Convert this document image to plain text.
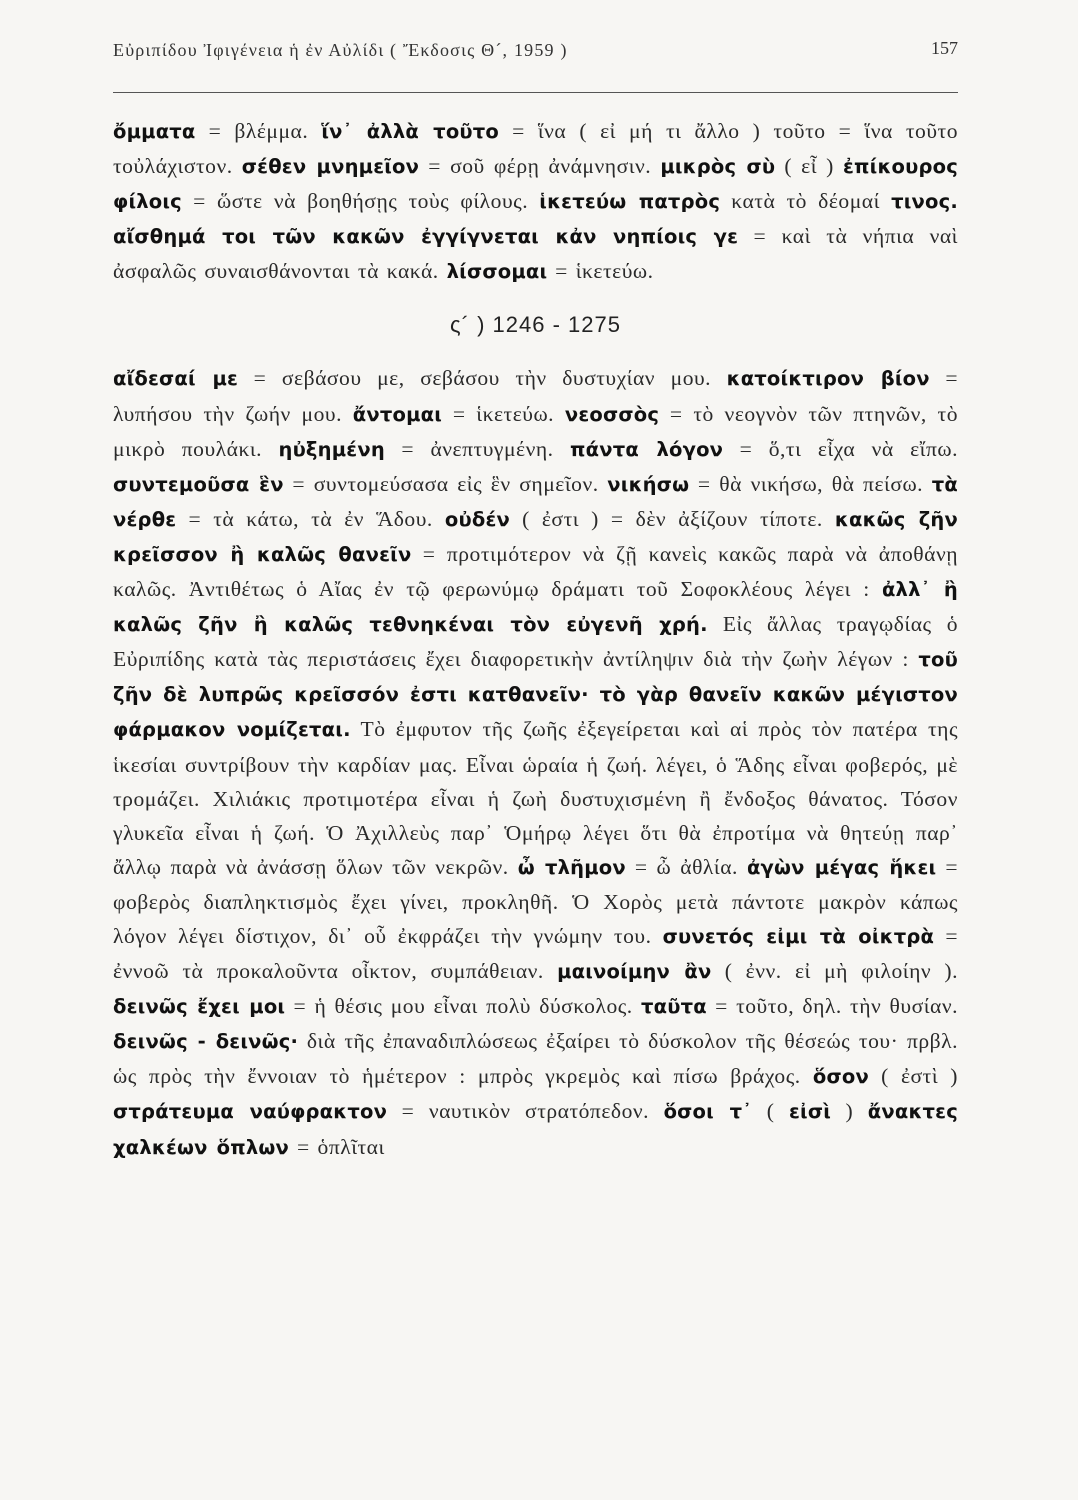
Εὐριπίδου Ἰφιγένεια ἡ ἐν Αὐλίδι ( Ἔκδοσις Θ´, 1959 )	157

ὄμματα = βλέμμα. ἵν᾽ ἀλλὰ τοῦτο = ἵνα ( εἰ μή τι ἄλλο ) τοῦτο = ἵνα τοῦτο τοὐλάχιστον. σέθεν μνημεῖον = σοῦ φέρῃ ἀνάμνησιν. μικρὸς σὺ ( εἶ ) ἐπίκουρος φίλοις = ὥστε νὰ βοηθήσῃς τοὺς φίλους. ἱκετεύω πατρὸς κατὰ τὸ δέομαί τινος. αἴσθημά τοι τῶν κακῶν ἐγγίγνεται κἀν νηπίοις γε = καὶ τὰ νήπια ναὶ ἀσφαλῶς συναισθάνονται τὰ κακά. λίσσομαι = ἱκετεύω.

ς´ ) 1246 - 1275

αἴδεσαί με = σεβάσου με, σεβάσου τὴν δυστυχίαν μου. κατοίκτιρον βίον = λυπήσου τὴν ζωήν μου. ἄντομαι = ἱκετεύω. νεοσσὸς = τὸ νεογνὸν τῶν πτηνῶν, τὸ μικρὸ πουλάκι. ηὐξημένη = ἀνεπτυγμένη. πάντα λόγον = ὅ,τι εἶχα νὰ εἴπω. συντεμοῦσα ἓν = συντομεύσασα εἰς ἓν σημεῖον. νικήσω = θὰ νικήσω, θὰ πείσω. τὰ νέρθε = τὰ κάτω, τὰ ἐν Ἅδου. οὐδέν ( ἐστι ) = δὲν ἀξίζουν τίποτε. κακῶς ζῆν κρεῖσσον ἢ καλῶς θανεῖν = προτιμότερον νὰ ζῇ κανεὶς κακῶς παρὰ νὰ ἀποθάνῃ καλῶς. Ἀντιθέτως ὁ Αἴας ἐν τῷ φερωνύμῳ δράματι τοῦ Σοφοκλέους λέγει : ἀλλ᾽ ἢ καλῶς ζῆν ἢ καλῶς τεθνηκέναι τὸν εὐγενῆ χρή. Εἰς ἄλλας τραγῳδίας ὁ Εὐριπίδης κατὰ τὰς περιστάσεις ἔχει διαφορετικὴν ἀντίληψιν διὰ τὴν ζωὴν λέγων : τοῦ ζῆν δὲ λυπρῶς κρεῖσσόν ἐστι κατθανεῖν· τὸ γὰρ θανεῖν κακῶν μέγιστον φάρμακον νομίζεται. Τὸ ἐμφυτον τῆς ζωῆς ἐξεγείρεται καὶ αἱ πρὸς τὸν πατέρα της ἱκεσίαι συντρίβουν τὴν καρδίαν μας. Εἶναι ὡραία ἡ ζωή. λέγει, ὁ Ἅδης εἶναι φοβερός, μὲ τρομάζει. Χιλιάκις προτιμοτέρα εἶναι ἡ ζωὴ δυστυχισμένη ἢ ἔνδοξος θάνατος. Τόσον γλυκεῖα εἶναι ἡ ζωή. Ὁ Ἀχιλλεὺς παρ᾽ Ὁμήρῳ λέγει ὅτι θὰ ἐπροτίμα νὰ θητεύῃ παρ᾽ ἄλλῳ παρὰ νὰ ἀνάσσῃ ὅλων τῶν νεκρῶν. ὦ τλῆμον = ὦ ἀθλία. ἀγὼν μέγας ἥκει = φοβερὸς διαπληκτισμὸς ἔχει γίνει, προκληθῆ. Ὁ Χορὸς μετὰ πάντοτε μακρὸν κάπως λόγον λέγει δίστιχον, δι᾽ οὗ ἐκφράζει τὴν γνώμην του. συνετός εἰμι τὰ οἰκτρὰ = ἐννοῶ τὰ προκαλοῦντα οἶκτον, συμπάθειαν. μαινοίμην ἂν ( ἐνν. εἰ μὴ φιλοίην ). δεινῶς ἔχει μοι = ἡ θέσις μου εἶναι πολὺ δύσκολος. ταῦτα = τοῦτο, δηλ. τὴν θυσίαν. δεινῶς - δεινῶς· διὰ τῆς ἐπαναδιπλώσεως ἐξαίρει τὸ δύσκολον τῆς θέσεώς του· πρβλ. ὡς πρὸς τὴν ἔννοιαν τὸ ἡμέτερον : μπρὸς γκρεμὸς καὶ πίσω βράχος. ὅσον ( ἐστὶ ) στράτευμα ναύφρακτον = ναυτικὸν στρατόπεδον. ὅσοι τ᾽ ( εἰσὶ ) ἄνακτες χαλκέων ὅπλων = ὁπλῖται
